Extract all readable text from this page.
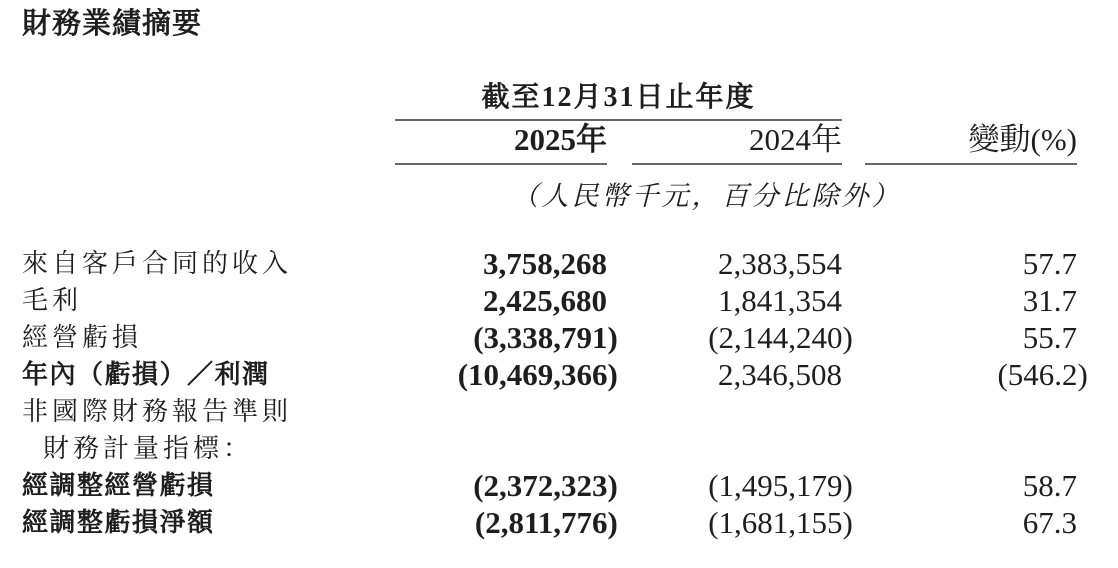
財務業績摘要
截至12月31日止年度
2025年	2024年	變動(%)
（人民幣千元，百分比除外）
來自客戶合同的收入	3,758,268	2,383,554	57.7
毛利	2,425,680	1,841,354	31.7
經營虧損	(3,338,791)	(2,144,240)	55.7
年內（虧損）／利潤	(10,469,366)	2,346,508	(546.2)
非國際財務報告準則
財務計量指標：
經調整經營虧損	(2,372,323)	(1,495,179)	58.7
經調整虧損淨額	(2,811,776)	(1,681,155)	67.3
